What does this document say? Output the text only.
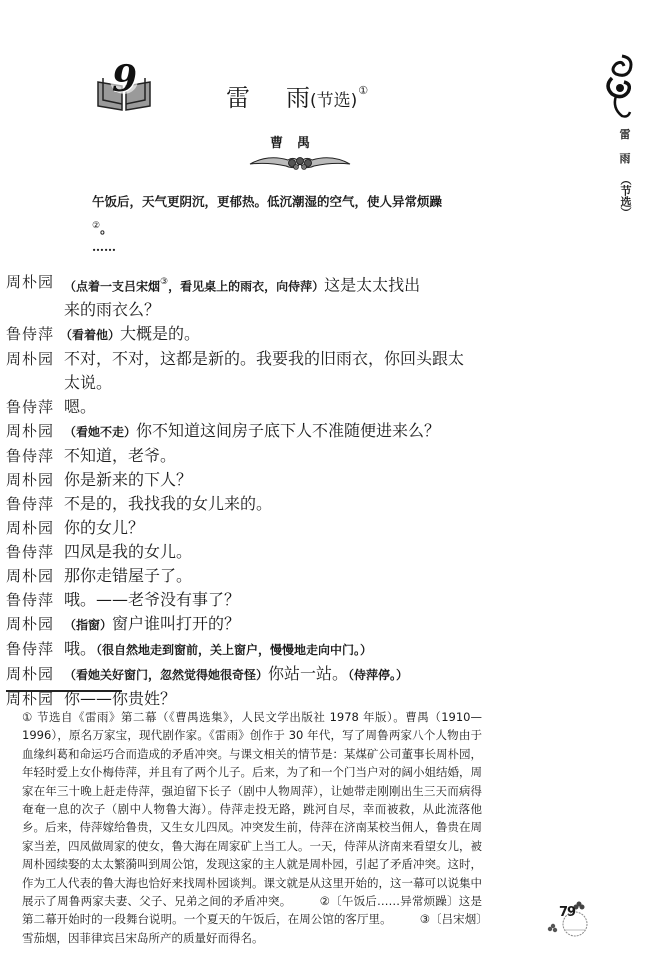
9	雷 雨(节选)①
曹禺
雷
雨
（节选）
午饭后，天气更阴沉，更郁热。低沉潮湿的空气，使人异常烦躁②。
……
周朴园 （点着一支吕宋烟③，看见桌上的雨衣，向侍萍）这是太太找出
来的雨衣么？
鲁侍萍 （看着他）大概是的。
周朴园 不对，不对，这都是新的。我要我的旧雨衣，你回头跟太
太说。
鲁侍萍 嗯。
周朴园 （看她不走）你不知道这间房子底下人不准随便进来么？
鲁侍萍 不知道，老爷。
周朴园 你是新来的下人？
鲁侍萍 不是的，我找我的女儿来的。
周朴园 你的女儿？
鲁侍萍 四凤是我的女儿。
周朴园 那你走错屋子了。
鲁侍萍 哦。——老爷没有事了？
周朴园 （指窗）窗户谁叫打开的？
鲁侍萍 哦。（很自然地走到窗前，关上窗户，慢慢地走向中门。）
周朴园 （看她关好窗门，忽然觉得她很奇怪）你站一站。（侍萍停。）
周朴园 你——你贵姓？
① 节选自《雷雨》第二幕（《曹禺选集》，人民文学出版社 1978 年版）。曹禺（1910—1996），原名万家宝，现代剧作家。《雷雨》创作于 30 年代，写了周鲁两家八个人物由于血缘纠葛和命运巧合而造成的矛盾冲突。与课文相关的情节是：某煤矿公司董事长周朴园，年轻时爱上女仆梅侍萍，并且有了两个儿子。后来，为了和一个门当户对的阔小姐结婚，周家在年三十晚上赶走侍萍，强迫留下长子（剧中人物周萍），让她带走刚刚出生三天而病得奄奄一息的次子（剧中人物鲁大海）。侍萍走投无路，跳河自尽，幸而被救，从此流落他乡。后来，侍萍嫁给鲁贵，又生女儿四凤。冲突发生前，侍萍在济南某校当佣人，鲁贵在周家当差，四凤做周家的使女，鲁大海在周家矿上当工人。一天，侍萍从济南来看望女儿，被周朴园续娶的太太繁漪叫到周公馆，发现这家的主人就是周朴园，引起了矛盾冲突。这时，作为工人代表的鲁大海也恰好来找周朴园谈判。课文就是从这里开始的，这一幕可以说集中展示了周鲁两家夫妻、父子、兄弟之间的矛盾冲突。 ②〔午饭后……异常烦躁〕这是第二幕开始时的一段舞台说明。一个夏天的午饭后，在周公馆的客厅里。 ③〔吕宋烟〕雪茄烟，因菲律宾吕宋岛所产的质量好而得名。
79
